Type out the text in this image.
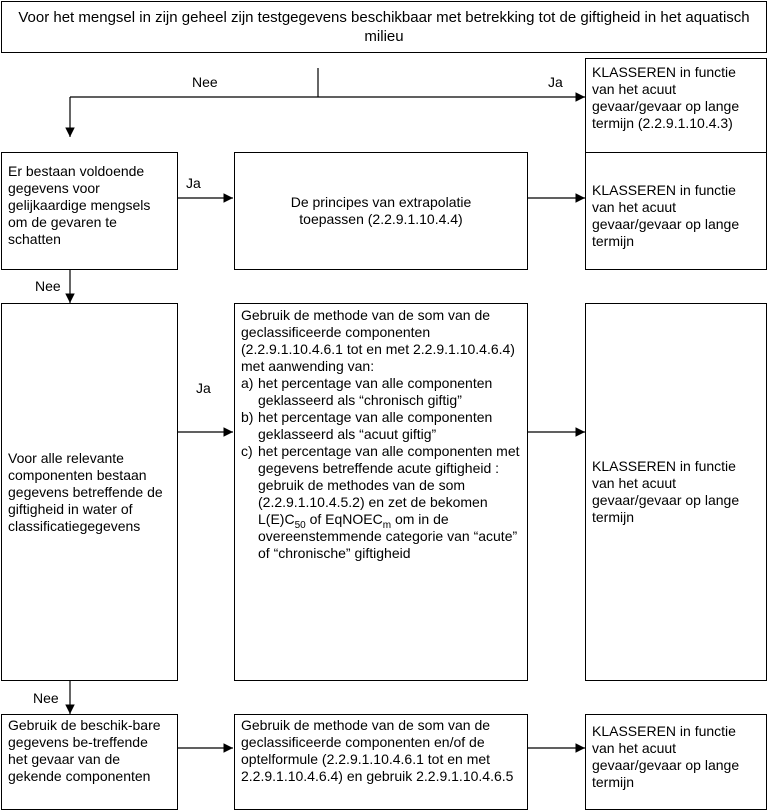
Voor het mengsel in zijn geheel zijn testgegevens beschikbaar met betrekking tot de giftigheid in het aquatisch milieu
Nee	Ja
Ja
Nee
Ja
Nee
KLASSEREN in functie van het acuut gevaar/gevaar op lange termijn (2.2.9.1.10.4.3)
Er bestaan voldoende gegevens voor gelijkaardige mengsels om de gevaren te schatten
De principes van extrapolatie toepassen (2.2.9.1.10.4.4)
KLASSEREN in functie van het acuut gevaar/gevaar op lange termijn
Voor alle relevante componenten bestaan gegevens betreffende de giftigheid in water of classificatiegegevens
Gebruik de methode van de som van de geclassificeerde componenten (2.2.9.1.10.4.6.1 tot en met 2.2.9.1.10.4.6.4) met aanwending van:
a) het percentage van alle componenten geklasseerd als “chronisch giftig”
b) het percentage van alle componenten geklasseerd als “acuut giftig”
c) het percentage van alle componenten met gegevens betreffende acute giftigheid : gebruik de methodes van de som (2.2.9.1.10.4.5.2) en zet de bekomen $L(E)C_{50}$ of EqNOEC$_m$ om in de overeenstemmende categorie van “acute” of “chronische” giftigheid
KLASSEREN in functie van het acuut gevaar/gevaar op lange termijn
Gebruik de beschik-bare gegevens be-treffende het gevaar van de gekende componenten
Gebruik de methode van de som van de geclassificeerde componenten en/of de optelformule (2.2.9.1.10.4.6.1 tot en met 2.2.9.1.10.4.6.4) en gebruik 2.2.9.1.10.4.6.5
KLASSEREN in functie van het acuut gevaar/gevaar op lange termijn
